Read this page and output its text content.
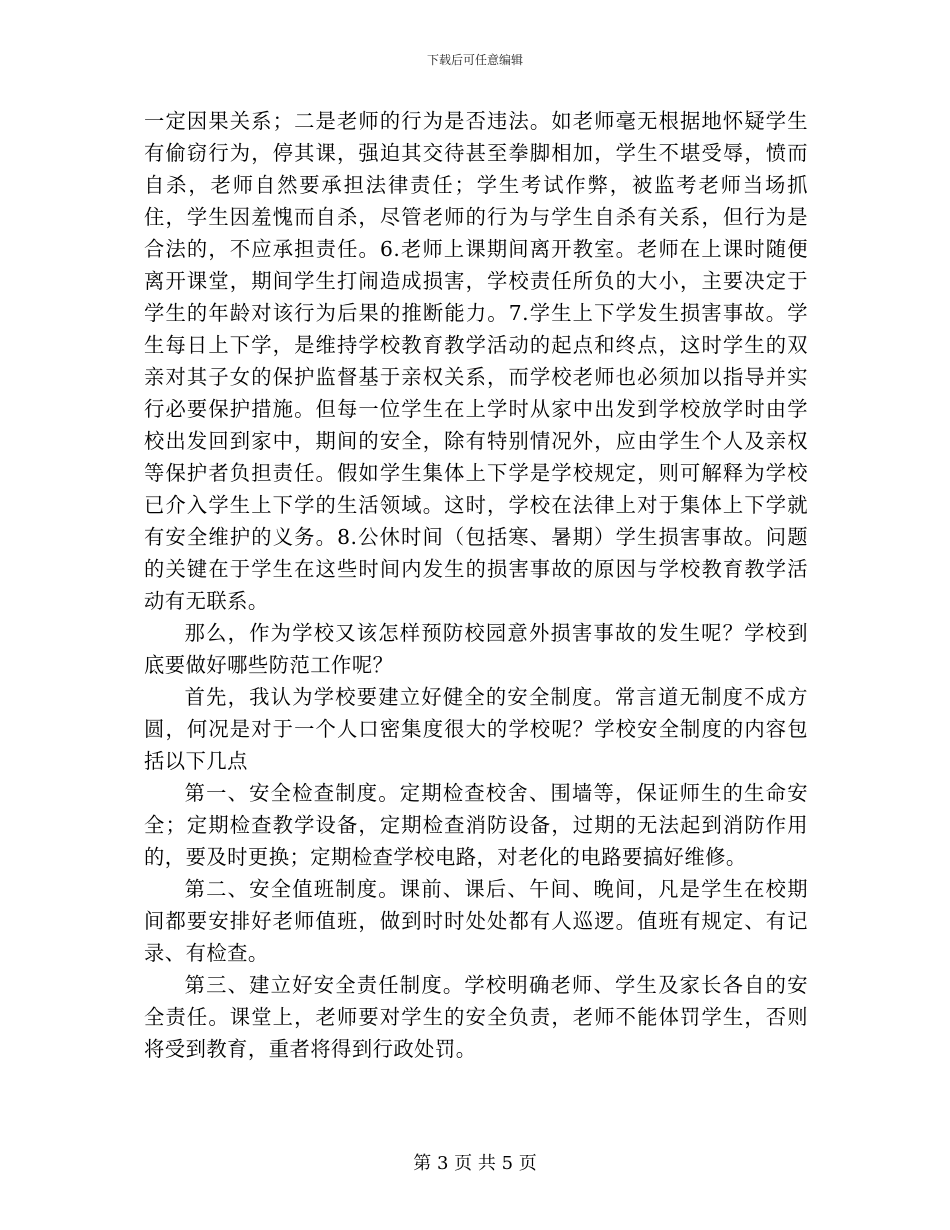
下载后可任意编辑

一定因果关系；二是老师的行为是否违法。如老师毫无根据地怀疑学生有偷窃行为，停其课，强迫其交待甚至拳脚相加，学生不堪受辱，愤而自杀，老师自然要承担法律责任；学生考试作弊，被监考老师当场抓住，学生因羞愧而自杀，尽管老师的行为与学生自杀有关系，但行为是合法的，不应承担责任。6.老师上课期间离开教室。老师在上课时随便离开课堂，期间学生打闹造成损害，学校责任所负的大小，主要决定于学生的年龄对该行为后果的推断能力。7.学生上下学发生损害事故。学生每日上下学，是维持学校教育教学活动的起点和终点，这时学生的双亲对其子女的保护监督基于亲权关系，而学校老师也必须加以指导并实行必要保护措施。但每一位学生在上学时从家中出发到学校放学时由学校出发回到家中，期间的安全，除有特别情况外，应由学生个人及亲权等保护者负担责任。假如学生集体上下学是学校规定，则可解释为学校已介入学生上下学的生活领域。这时，学校在法律上对于集体上下学就有安全维护的义务。8.公休时间（包括寒、暑期）学生损害事故。问题的关键在于学生在这些时间内发生的损害事故的原因与学校教育教学活动有无联系。

那么，作为学校又该怎样预防校园意外损害事故的发生呢？学校到底要做好哪些防范工作呢？

首先，我认为学校要建立好健全的安全制度。常言道无制度不成方圆，何况是对于一个人口密集度很大的学校呢？学校安全制度的内容包括以下几点

第一、安全检查制度。定期检查校舍、围墙等，保证师生的生命安全；定期检查教学设备，定期检查消防设备，过期的无法起到消防作用的，要及时更换；定期检查学校电路，对老化的电路要搞好维修。

第二、安全值班制度。课前、课后、午间、晚间，凡是学生在校期间都要安排好老师值班，做到时时处处都有人巡逻。值班有规定、有记录、有检查。

第三、建立好安全责任制度。学校明确老师、学生及家长各自的安全责任。课堂上，老师要对学生的安全负责，老师不能体罚学生，否则将受到教育，重者将得到行政处罚。

第 3 页 共 5 页
